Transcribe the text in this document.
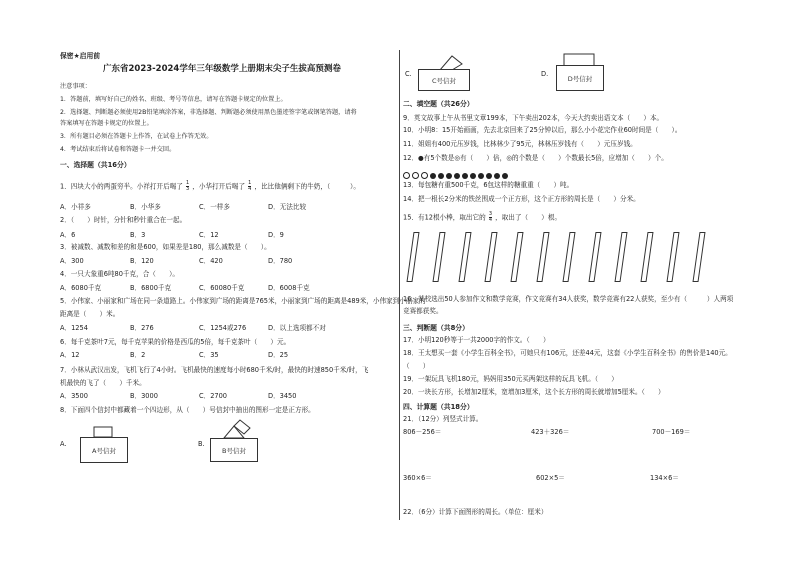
保密★启用前
广东省2023-2024学年三年级数学上册期末尖子生拔高预测卷
注意事项：
1．答题前，填写好自己的姓名、班级、考号等信息，请写在答题卡规定的位置上。
2．选择题、判断题必须使用2B铅笔填涂答案，非选择题、判断题必须使用黑色墨迹签字笔或钢笔答题，请将
答案填写在答题卡规定的位置上。
3．所有题目必须在答题卡上作答，在试卷上作答无效。
4．考试结束后将试卷和答题卡一并交回。
一、选择题（共16分）
1．四块大小的两蛋穷半。小祥打开后喝了 $\frac{1}{3}$ ，小华打开后喝了 $\frac{1}{4}$ ，比比他俩剩下的牛奶，（　　　）。
A．小祥多	B．小华多	C．一样多	D．无法比较
2．（　　）时针，分针和秒针重合在一起。
A．6	B．3	C．12	D．9
3．被减数、减数和差的和是600，如果差是180，那么减数是（　　）。
A．300	B．120	C．420	D．780
4．一只大象重6吨80千克，合（　　）。
A．6080千克	B．6800千克	C．60080千克	D．6008千克
5．小伟家、小丽家和广场在同一条道路上。小伟家到广场的距离是765米，小丽家到广场的距离是489米，小伟家到小丽家的
距离是（　　）米。
A．1254	B．276	C．1254或276	D．以上选项都不对
6．每千克茶叶7元，每千克苹果的价格是西瓜的5倍，每千克茶叶（　　）元。
A．12	B．2	C．35	D．25
7．小林从武汉出发，飞机飞行了4小时。飞机最快的速度每小时680千米/时，最快的时速850千米/时，飞
机最快的飞了（　　）千米。
A．3500	B．3000	C．2700	D．3450
8．下面四个信封中都藏着一个四边形，从（　　）号信封中抽出的图形一定是正方形。
A.
A号信封
B.
B号信封
C.
C号信封
D.
D号信封
二、填空题（共26分）
9．英文故事上午从书里文章199本，下午卖出202本，今天大约卖出语文本（　　）本。
10．小明8：15开始画画，先去北京回来了25分钟以后，那么小小花完作业60时间是（　　）。
11．姐姐有400元压岁钱，比林林少了95元，林林压岁钱有（　　）元压岁钱。
12．●有5个数是◎有（　　）倍，◎的个数是（　　）个数最长5倍，应增加（　　）个。
13．每包糖有重500千克，6包这样的糖重重（　　）吨。
14．把一根长2分米的铁丝围成一个正方形，这个正方形的周长是（　　）分米。
15．有12根小棒，取出它的 $\frac{3}{4}$ ，取出了（　　）根。
16．某校选出50人参加作文和数学竞赛，作文竞赛有34人获奖，数学竞赛有22人获奖，至少有（　　　）人两项
竞赛都获奖。
三、判断题（共8分）
17．小明120秒等于一共2000字的作文。（　　）
18．王太想买一套《小学生百科全书》，可她只有106元，还差44元，这套《小学生百科全书》的售价是140元。
（　　）
19．一架玩具飞机180元，妈妈用350元买两架这样的玩具飞机。（　　）
20．一块长方形，长增加2厘米，宽增加3厘米，这个长方形的周长就增加5厘米。（　　）
四、计算题（共18分）
21．（12分）列竖式计算。
806－256＝	423＋326＝	700－169＝
360×6＝	602×5＝	134×6＝
22．（6分）计算下面图形的周长。（单位：厘米）
